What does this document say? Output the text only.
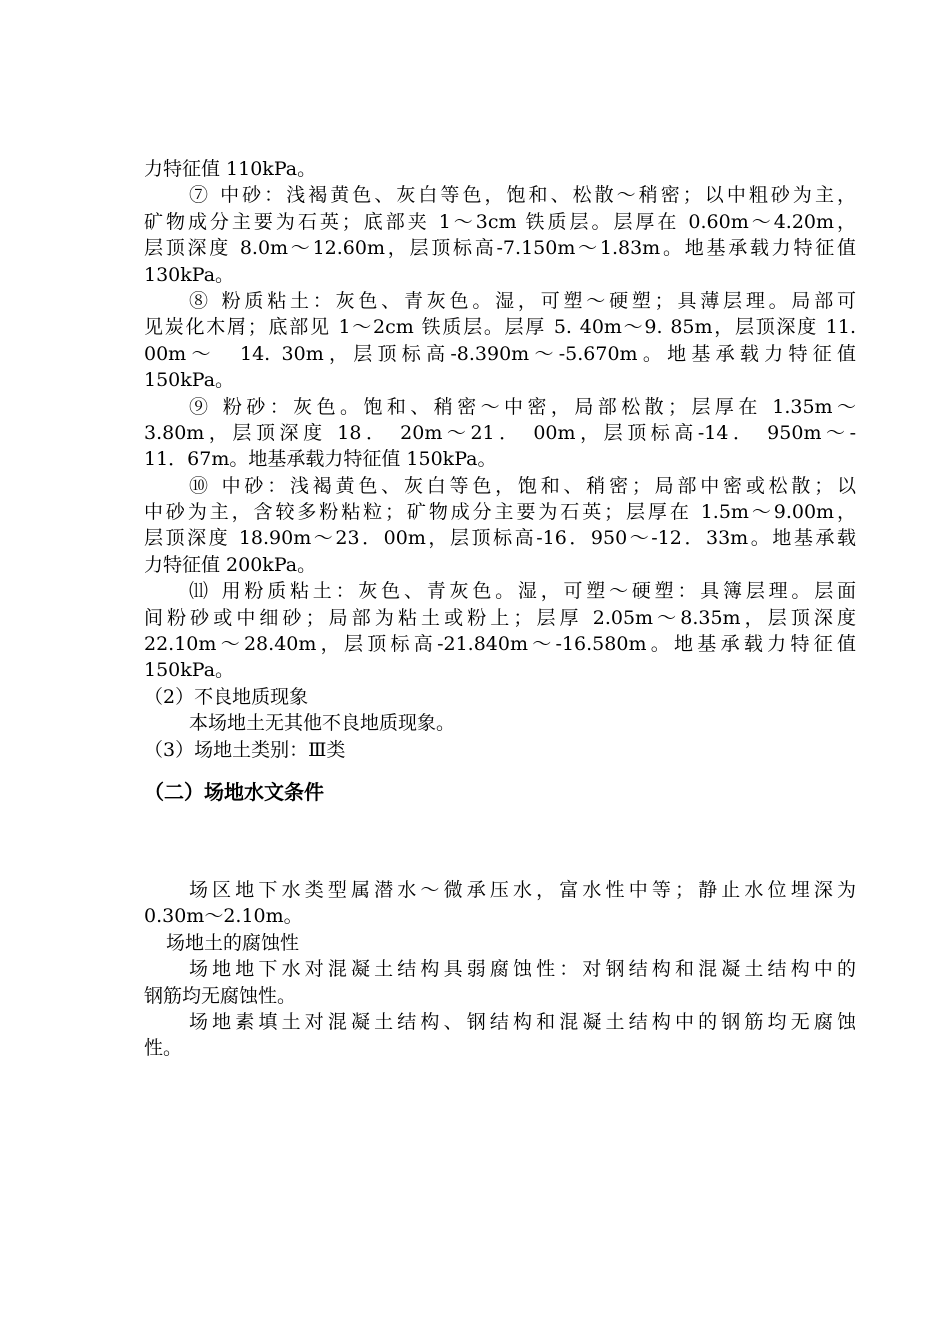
力特征值 110kPa。
⑦ 中砂：浅褐黄色、灰白等色，饱和、松散～稍密；以中粗砂为主，
矿物成分主要为石英；底部夹 1～3cm 铁质层。层厚在 0.60m～4.20m，
层顶深度 8.0m～12.60m，层顶标高-7.150m～1.83m。地基承载力特征值
130kPa。
⑧ 粉质粘土：灰色、青灰色。湿，可塑～硬塑；具薄层理。局部可
见炭化木屑；底部见 1～2cm 铁质层。层厚 5. 40m～9. 85m，层顶深度 11.
00m～　14. 30m，层顶标高-8.390m～-5.670m。地基承载力特征值
150kPa。
⑨ 粉砂：灰色。饱和、稍密～中密，局部松散；层厚在 1.35m～
3.80m，层顶深度 18． 20m～21． 00m，层顶标高-14． 950m～-
11．67m。地基承载力特征值 150kPa。
⑩ 中砂：浅褐黄色、灰白等色，饱和、稍密；局部中密或松散；以
中砂为主，含较多粉粘粒；矿物成分主要为石英；层厚在 1.5m～9.00m，
层顶深度 18.90m～23．00m，层顶标高-16．950～-12．33m。地基承载
力特征值 200kPa。
⑾ 用粉质粘土：灰色、青灰色。湿，可塑～硬塑：具簿层理。层面
间粉砂或中细砂；局部为粘土或粉上；层厚 2.05m～8.35m，层顶深度
22.10m～28.40m，层顶标高-21.840m～-16.580m。地基承载力特征值
150kPa。
（2）不良地质现象
本场地土无其他不良地质现象。
（3）场地土类别：Ⅲ类
（二）场地水文条件
场区地下水类型属潜水～微承压水，富水性中等；静止水位埋深为
0.30m～2.10m。
场地土的腐蚀性
场地地下水对混凝土结构具弱腐蚀性：对钢结构和混凝土结构中的
钢筋均无腐蚀性。
场地素填土对混凝土结构、钢结构和混凝土结构中的钢筋均无腐蚀
性。
